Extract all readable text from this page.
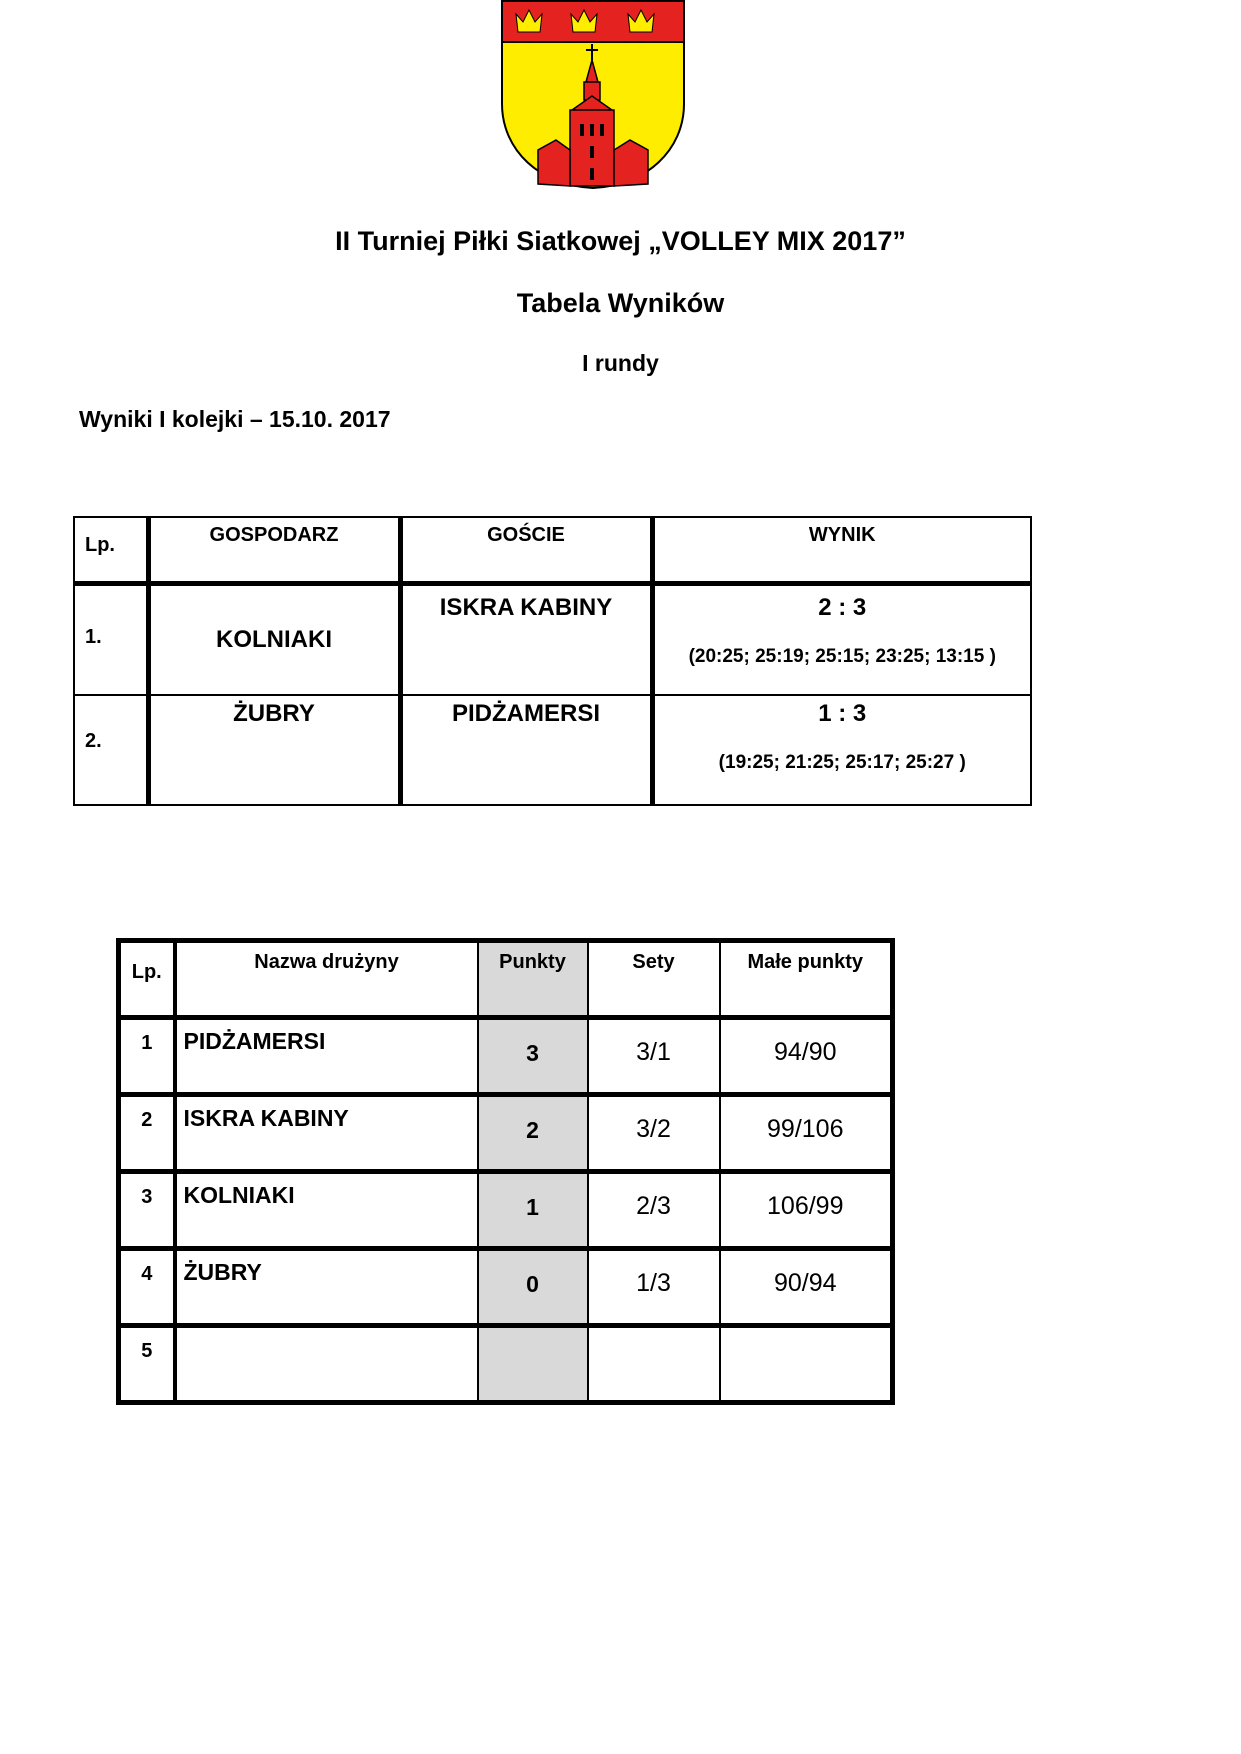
II Turniej Piłki Siatkowej „VOLLEY MIX 2017”
Tabela Wyników
I rundy
Wyniki I kolejki – 15.10. 2017
Lp.	GOSPODARZ	GOŚCIE	WYNIK

1.	KOLNIAKI	ISKRA KABINY	2 : 3
(20:25; 25:19; 25:15; 23:25; 13:15 )

2.	ŻUBRY	PIDŻAMERSI	1 : 3
(19:25; 21:25; 25:17; 25:27 )
Lp.	Nazwa drużyny	Punkty	Sety	Małe punkty

1	PIDŻAMERSI	3	3/1	94/90

2	ISKRA KABINY	2	3/2	99/106

3	KOLNIAKI	1	2/3	106/99

4	ŻUBRY	0	1/3	90/94

5				
